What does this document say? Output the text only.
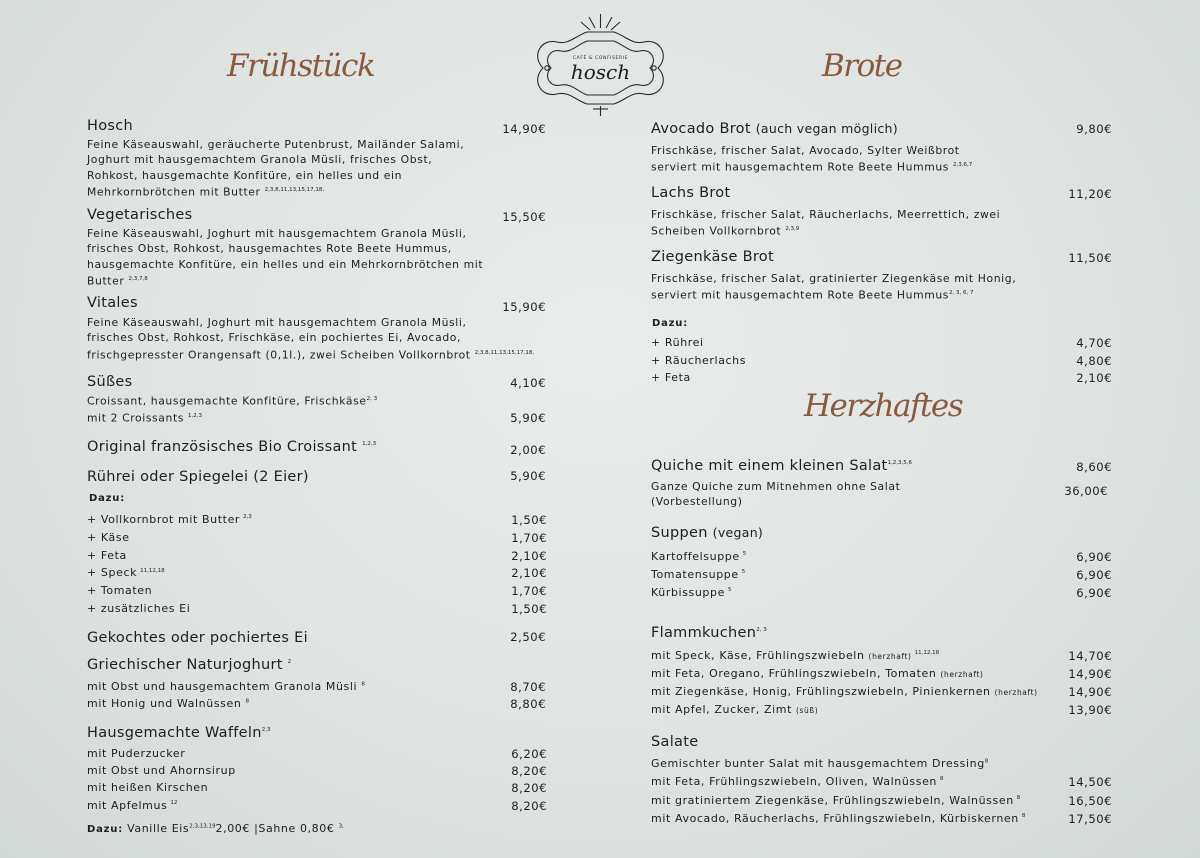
CAFÉ & CONFISERIE
hosch
Frühstück
Hosch	14,90€
Feine Käseauswahl, geräucherte Putenbrust, Mailänder Salami,
Joghurt mit hausgemachtem Granola Müsli, frisches Obst,
Rohkost, hausgemachte Konfitüre, ein helles und ein
Mehrkornbrötchen mit Butter $^{2,3,8,11,13,15,17,18,}$
Vegetarisches	15,50€
Feine Käseauswahl, Joghurt mit hausgemachtem Granola Müsli,
frisches Obst, Rohkost, hausgemachtes Rote Beete Hummus,
hausgemachte Konfitüre, ein helles und ein Mehrkornbrötchen mit
Butter $^{2,3,7,8}$
Vitales	15,90€
Feine Käseauswahl, Joghurt mit hausgemachtem Granola Müsli,
frisches Obst, Rohkost, Frischkäse, ein pochiertes Ei, Avocado,
frischgepresster Orangensaft (0,1l.), zwei Scheiben Vollkornbrot $^{2,3,8,11,13,15,17,18,}$
Süßes	4,10€
Croissant, hausgemachte Konfitüre, Frischkäse$^{2, 3}$
mit 2 Croissants $^{1,2,3}$	5,90€
Original französisches Bio Croissant $^{1,2,3}$	2,00€
Rührei oder Spiegelei (2 Eier)	5,90€
Dazu:
+ Vollkornbrot mit Butter $^{2,3}$	1,50€
+ Käse	1,70€
+ Feta	2,10€
+ Speck $^{11,12,18}$	2,10€
+ Tomaten	1,70€
+ zusätzliches Ei	1,50€
Gekochtes oder pochiertes Ei	2,50€
Griechischer Naturjoghurt $^2$
mit Obst und hausgemachtem Granola Müsli $^8$	8,70€
mit Honig und Walnüssen $^8$	8,80€
Hausgemachte Waffeln$^{2,3}$
mit Puderzucker	6,20€
mit Obst und Ahornsirup	8,20€
mit heißen Kirschen	8,20€
mit Apfelmus $^{12}$	8,20€
Dazu: Vanille Eis$^{2,3,13,19}$2,00€ |Sahne 0,80€ $^{3,}$
Brote
Avocado Brot (auch vegan möglich)	9,80€
Frischkäse, frischer Salat, Avocado, Sylter Weißbrot
serviert mit hausgemachtem Rote Beete Hummus $^{2,3,6,7}$
Lachs Brot	11,20€
Frischkäse, frischer Salat, Räucherlachs, Meerrettich, zwei
Scheiben Vollkornbrot $^{2,3,9}$
Ziegenkäse Brot	11,50€
Frischkäse, frischer Salat, gratinierter Ziegenkäse mit Honig,
serviert mit hausgemachtem Rote Beete Hummus$^{2, 3, 6, 7}$
Dazu:
+ Rührei	4,70€
+ Räucherlachs	4,80€
+ Feta	2,10€
Herzhaftes
Quiche mit einem kleinen Salat$^{1,2,3,5,6}$	8,60€
Ganze Quiche zum Mitnehmen ohne Salat
(Vorbestellung)
36,00€
Suppen (vegan)
Kartoffelsuppe $^5$	6,90€
Tomatensuppe $^5$	6,90€
Kürbissuppe $^5$	6,90€
Flammkuchen$^{2, 3}$
mit Speck, Käse, Frühlingszwiebeln (herzhaft) $^{11,12,18}$	14,70€
mit Feta, Oregano, Frühlingszwiebeln, Tomaten (herzhaft)	14,90€
mit Ziegenkäse, Honig, Frühlingszwiebeln, Pinienkernen (herzhaft)	14,90€
mit Apfel, Zucker, Zimt (süß)	13,90€
Salate
Gemischter bunter Salat mit hausgemachtem Dressing$^8$
mit Feta, Frühlingszwiebeln, Oliven, Walnüssen $^8$	14,50€
mit gratiniertem Ziegenkäse, Frühlingszwiebeln, Walnüssen $^8$	16,50€
mit Avocado, Räucherlachs, Frühlingszwiebeln, Kürbiskernen $^8$	17,50€
